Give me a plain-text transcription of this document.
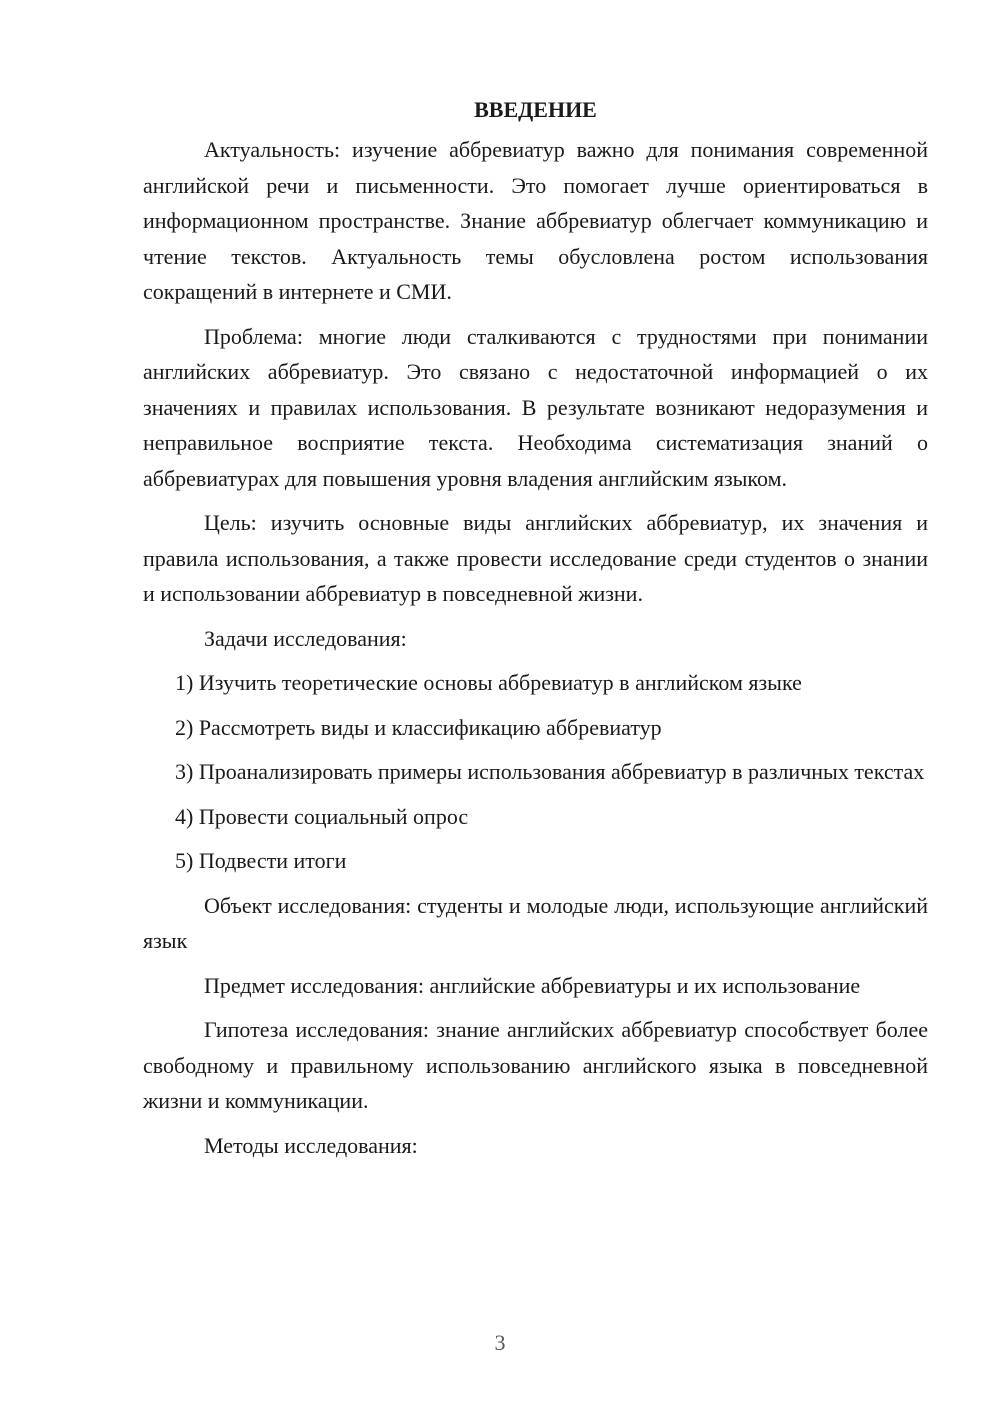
ВВЕДЕНИЕ

Актуальность: изучение аббревиатур важно для понимания современной английской речи и письменности. Это помогает лучше ориентироваться в информационном пространстве. Знание аббревиатур облегчает коммуникацию и чтение текстов. Актуальность темы обусловлена ростом использования сокращений в интернете и СМИ.

Проблема: многие люди сталкиваются с трудностями при понимании английских аббревиатур. Это связано с недостаточной информацией о их значениях и правилах использования. В результате возникают недоразумения и неправильное восприятие текста. Необходима систематизация знаний о аббревиатурах для повышения уровня владения английским языком.

Цель: изучить основные виды английских аббревиатур, их значения и правила использования, а также провести исследование среди студентов о знании и использовании аббревиатур в повседневной жизни.

Задачи исследования:

1) Изучить теоретические основы аббревиатур в английском языке

2) Рассмотреть виды и классификацию аббревиатур

3) Проанализировать примеры использования аббревиатур в различных текстах

4) Провести социальный опрос

5) Подвести итоги

Объект исследования: студенты и молодые люди, использующие английский язык

Предмет исследования: английские аббревиатуры и их использование

Гипотеза исследования: знание английских аббревиатур способствует более свободному и правильному использованию английского языка в повседневной жизни и коммуникации.

Методы исследования:

3
